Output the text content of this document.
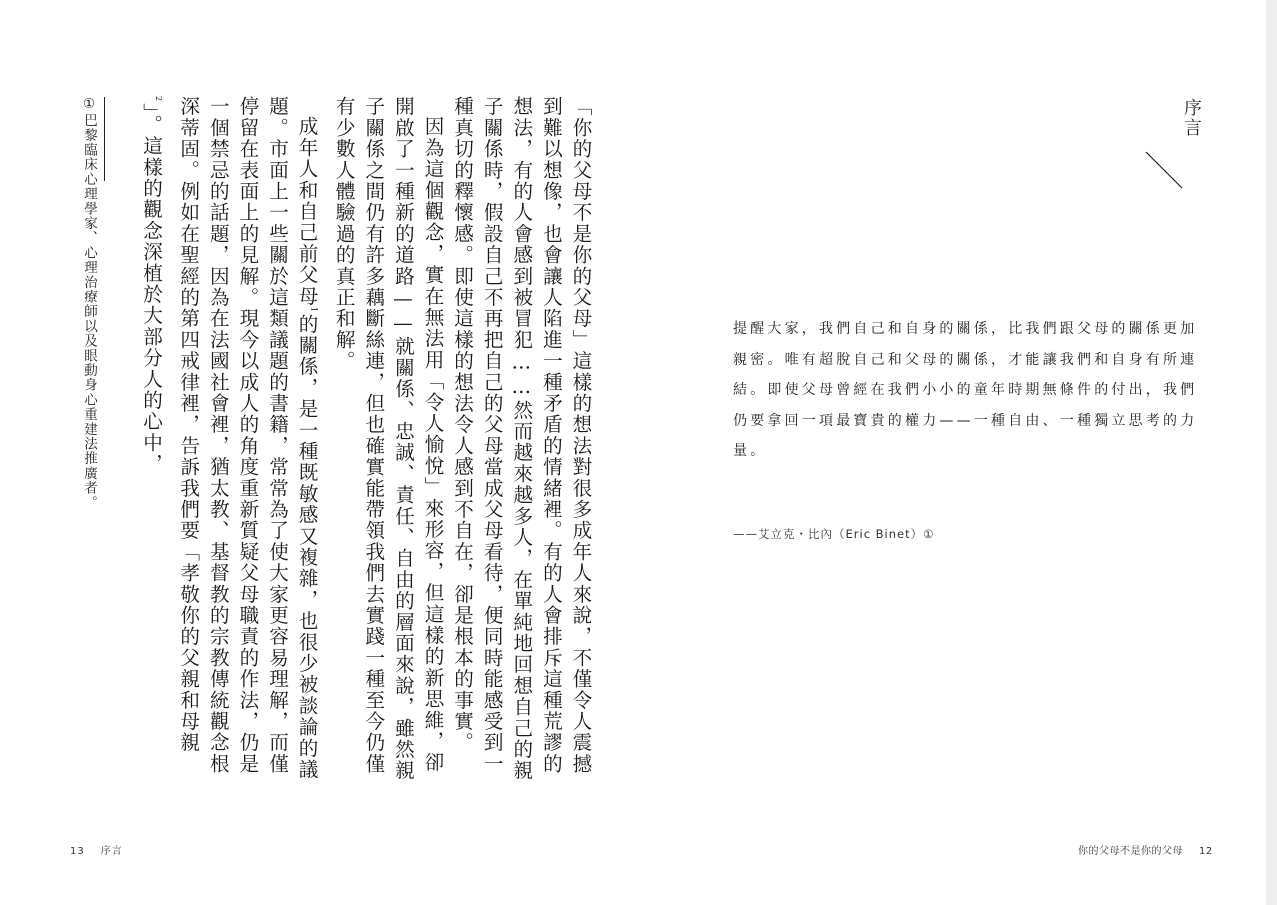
「你的父母不是你的父母」這樣的想法對很多成年人來說，不僅令人震撼到難以想像，也會讓人陷進一種矛盾的情緒裡。有的人會排斥這種荒謬的想法，有的人會感到被冒犯……然而越來越多人，在單純地回想自己的親子關係時，假設自己不再把自己的父母當成父母看待，便同時能感受到一種真切的釋懷感。即使這樣的想法令人感到不自在，卻是根本的事實。

因為這個觀念，實在無法用「令人愉悅」來形容，但這樣的新思維，卻開啟了一種新的道路——就關係、忠誠、責任、自由的層面來說，雖然親子關係之間仍有許多藕斷絲連，但也確實能帶領我們去實踐一種至今仍僅有少數人體驗過的真正和解。

成年人和自己前父母$^1$的關係，是一種既敏感又複雜，也很少被談論的議題。市面上一些關於這類議題的書籍，常常為了使大家更容易理解，而僅停留在表面上的見解。現今以成人的角度重新質疑父母職責的作法，仍是一個禁忌的話題，因為在法國社會裡，猶太教、基督教的宗教傳統觀念根深蒂固。例如在聖經的第四戒律裡，告訴我們要「孝敬你的父親和母親$^2$」。這樣的觀念深植於大部分人的心中，

①巴黎臨床心理學家、心理治療師以及眼動身心重建法推廣者。
13 序言
序言

提醒大家，我們自己和自身的關係，比我們跟父母的關係更加親密。唯有超脫自己和父母的關係，才能讓我們和自身有所連結。即使父母曾經在我們小小的童年時期無條件的付出，我們仍要拿回一項最寶貴的權力——一種自由、一種獨立思考的力量。

——艾立克・比內（Eric Binet）①
你的父母不是你的父母 12
